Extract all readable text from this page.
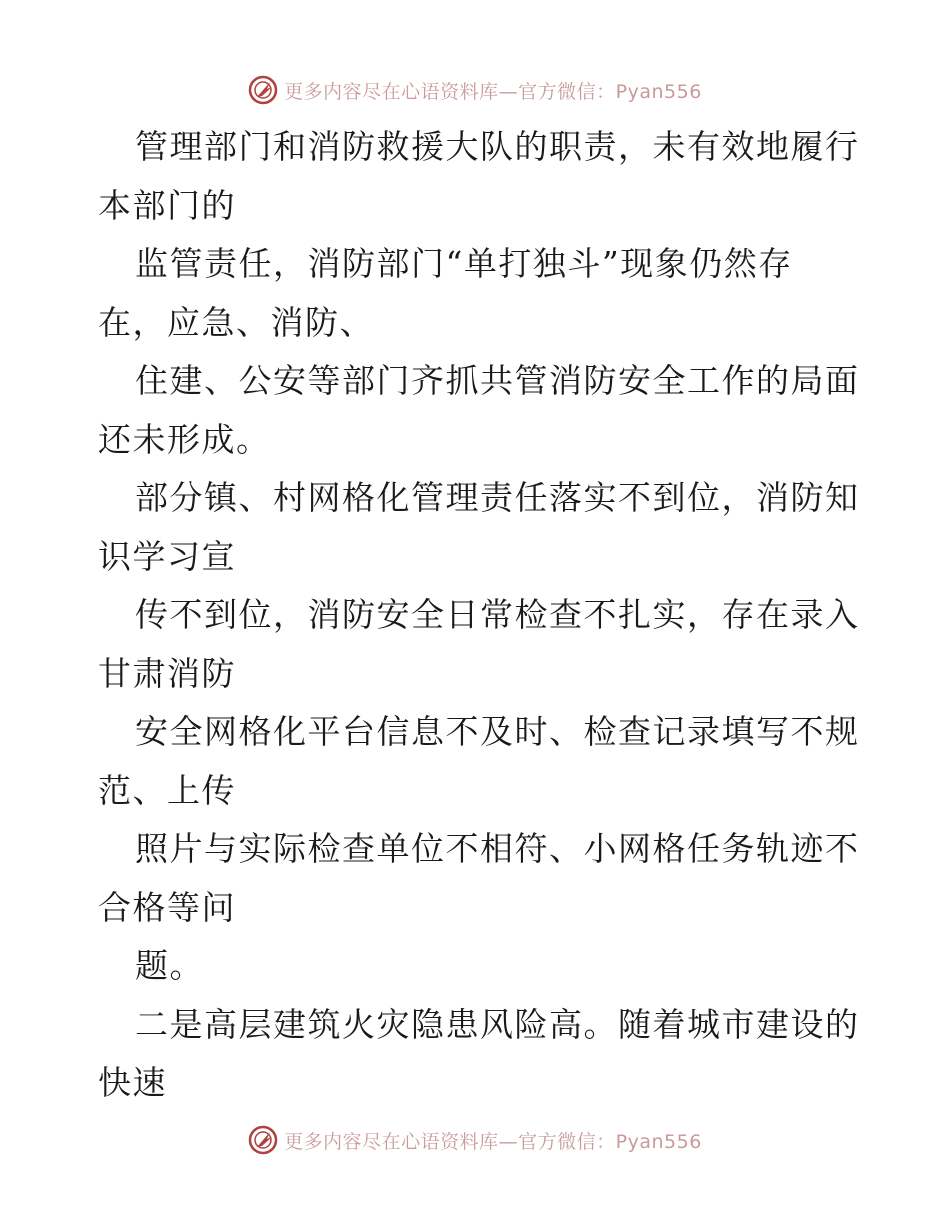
更多内容尽在心语资料库—官方微信：Pyan556
管理部门和消防救援大队的职责，未有效地履行
本部门的
监管责任，消防部门“单打独斗”现象仍然存
在，应急、消防、
住建、公安等部门齐抓共管消防安全工作的局面
还未形成。
部分镇、村网格化管理责任落实不到位，消防知
识学习宣
传不到位，消防安全日常检查不扎实，存在录入
甘肃消防
安全网格化平台信息不及时、检查记录填写不规
范、上传
照片与实际检查单位不相符、小网格任务轨迹不
合格等问
题。
二是高层建筑火灾隐患风险高。随着城市建设的
快速
更多内容尽在心语资料库—官方微信：Pyan556
